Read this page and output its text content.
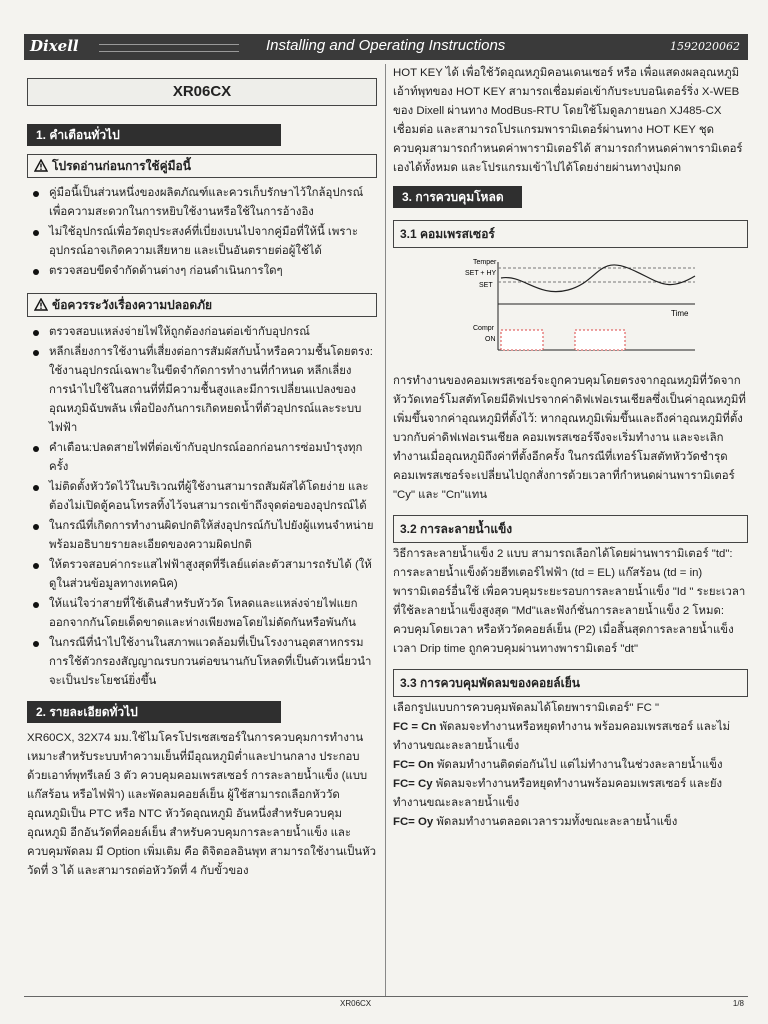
Dixell	Installing and Operating Instructions	1592020062
XR06CX
1. คำเตือนทั่วไป
โปรดอ่านก่อนการใช้คู่มือนี้
คู่มือนี้เป็นส่วนหนึ่งของผลิตภัณฑ์และควรเก็บรักษาไว้ใกล้อุปกรณ์ เพื่อความสะดวกในการหยิบใช้งานหรือใช้ในการอ้างอิง
ไม่ใช้อุปกรณ์เพื่อวัตถุประสงค์ที่เบี่ยงเบนไปจากคู่มือที่ให้นี้ เพราะอุปกรณ์อาจเกิดความเสียหาย และเป็นอันตรายต่อผู้ใช้ได้
ตรวจสอบขีดจำกัดด้านต่างๆ ก่อนดำเนินการใดๆ
ข้อควรระวังเรื่องความปลอดภัย
ตรวจสอบแหล่งจ่ายไฟให้ถูกต้องก่อนต่อเข้ากับอุปกรณ์
หลีกเลี่ยงการใช้งานที่เสี่ยงต่อการสัมผัสกับน้ำหรือความชื้นโดยตรง: ใช้งานอุปกรณ์เฉพาะในขีดจำกัดการทำงานที่กำหนด หลีกเลี่ยงการนำไปใช้ในสถานที่ที่มีความชื้นสูงและมีการเปลี่ยนแปลงของอุณหภูมิฉับพลัน เพื่อป้องกันการเกิดหยดน้ำที่ตัวอุปกรณ์และระบบไฟฟ้า
คำเตือน:ปลดสายไฟที่ต่อเข้ากับอุปกรณ์ออกก่อนการซ่อมบำรุงทุกครั้ง
ไม่ติดตั้งหัววัดไว้ในบริเวณที่ผู้ใช้งานสามารถสัมผัสได้โดยง่าย และต้องไม่เปิดตู้คอนโทรลทิ้งไว้จนสามารถเข้าถึงจุดต่อของอุปกรณ์ได้
ในกรณีที่เกิดการทำงานผิดปกติให้ส่งอุปกรณ์กับไปยังผู้แทนจำหน่ายพร้อมอธิบายรายละเอียดของความผิดปกติ
ให้ตรวจสอบค่ากระแสไฟฟ้าสูงสุดที่รีเลย์แต่ละตัวสามารถรับได้ (ให้ดูในส่วนข้อมูลทางเทคนิค)
ให้แน่ใจว่าสายที่ใช้เดินสำหรับหัววัด โหลดและแหล่งจ่ายไฟแยกออกจากกันโดยเด็ดขาดและห่างเพียงพอโดยไม่ตัดกันหรือพันกัน
ในกรณีที่นำไปใช้งานในสภาพแวดล้อมที่เป็นโรงงานอุตสาหกรรม การใช้ตัวกรองสัญญาณรบกวนต่อขนานกับโหลดที่เป็นตัวเหนี่ยวนำจะเป็นประโยชน์ยิ่งขึ้น
2. รายละเอียดทั่วไป
XR60CX, 32X74 มม.ใช้ไมโครโปรเซสเซอร์ในการควบคุมการทำงาน เหมาะสำหรับระบบทำความเย็นที่มีอุณหภูมิต่ำและปานกลาง ประกอบด้วยเอาท์พุทรีเลย์ 3 ตัว ควบคุมคอมเพรสเซอร์ การละลายน้ำแข็ง (แบบแก๊สร้อน หรือไฟฟ้า) และพัดลมคอยล์เย็น ผู้ใช้สามารถเลือกหัววัดอุณหภูมิเป็น PTC หรือ NTC หัววัดอุณหภูมิ อันหนึ่งสำหรับควบคุมอุณหภูมิ อีกอันวัดที่คอยล์เย็น สำหรับควบคุมการละลายน้ำแข็ง และควบคุมพัดลม มี Option เพิ่มเติม คือ ดิจิตอลอินพุท สามารถใช้งานเป็นหัววัดที่ 3 ได้ และสามารถต่อหัววัดที่ 4 กับขั้วของ
HOT KEY ได้ เพื่อใช้วัดอุณหภูมิคอนเดนเซอร์ หรือ เพื่อแสดงผลอุณหภูมิ เอ้าท์พุทของ HOT KEY สามารถเชื่อมต่อเข้ากับระบบอนิเตอร์ริ่ง X-WEB ของ Dixell ผ่านทาง ModBus-RTU โดยใช้โมดูลภายนอก XJ485-CX เชื่อมต่อ และสามารถโปรแกรมพารามิเตอร์ผ่านทาง HOT KEY ชุดควบคุมสามารถกำหนดค่าพารามิเตอร์ได้ สามารถกำหนดค่าพารามิเตอร์เองได้ทั้งหมด และโปรแกรมเข้าไปได้โดยง่ายผ่านทางปุ่มกด
3. การควบคุมโหลด
3.1 คอมเพรสเซอร์
Temper
SET + HY
SET
Time
Compr
ON
การทำงานของคอมเพรสเซอร์จะถูกควบคุมโดยตรงจากอุณหภูมิที่วัดจากหัววัดเทอร์โมสตัทโดยมีดิฟเปรจากค่าดิฟเฟอเรนเชียลซึ่งเป็นค่าอุณหภูมิที่เพิ่มขึ้นจากค่าอุณหภูมิที่ตั้งไว้: หากอุณหภูมิเพิ่มขึ้นและถึงค่าอุณหภูมิที่ตั้งบวกกับค่าดิฟเฟอเรนเชียล คอมเพรสเซอร์จึงจะเริ่มทำงาน และจะเลิกทำงานเมื่ออุณหภูมิถึงค่าที่ตั้งอีกครั้ง ในกรณีที่เทอร์โมสตัทหัววัดชำรุด คอมเพรสเซอร์จะเปลี่ยนไปถูกสั่งการด้วยเวลาที่กำหนดผ่านพารามิเตอร์ "Cy" และ "Cn"แทน
3.2 การละลายน้ำแข็ง
วิธีการละลายน้ำแข็ง 2 แบบ สามารถเลือกได้โดยผ่านพารามิเตอร์ "td": การละลายน้ำแข็งด้วยฮีทเตอร์ไฟฟ้า (td = EL) แก๊สร้อน (td = in) พารามิเตอร์อื่นใช้ เพื่อควบคุมระยะรอบการละลายน้ำแข็ง "Id " ระยะเวลาที่ใช้ละลายน้ำแข็งสูงสุด "Md"และฟังก์ชั่นการละลายน้ำแข็ง 2 โหมด: ควบคุมโดยเวลา หรือหัววัดคอยล์เย็น (P2) เมื่อสิ้นสุดการละลายน้ำแข็งเวลา Drip time ถูกควบคุมผ่านทางพารามิเตอร์ "dt"
3.3 การควบคุมพัดลมของคอยล์เย็น
เลือกรูปแบบการควบคุมพัดลมได้โดยพารามิเตอร์" FC "
FC = Cn พัดลมจะทำงานหรือหยุดทำงาน พร้อมคอมเพรสเซอร์ และไม่ทำงานขณะละลายน้ำแข็ง
FC= On พัดลมทำงานติดต่อกันไป แต่ไม่ทำงานในช่วงละลายน้ำแข็ง
FC= Cy พัดลมจะทำงานหรือหยุดทำงานพร้อมคอมเพรสเซอร์ และยังทำงานขณะละลายน้ำแข็ง
FC= Oy พัดลมทำงานตลอดเวลารวมทั้งขณะละลายน้ำแข็ง
XR06CX	1/8
